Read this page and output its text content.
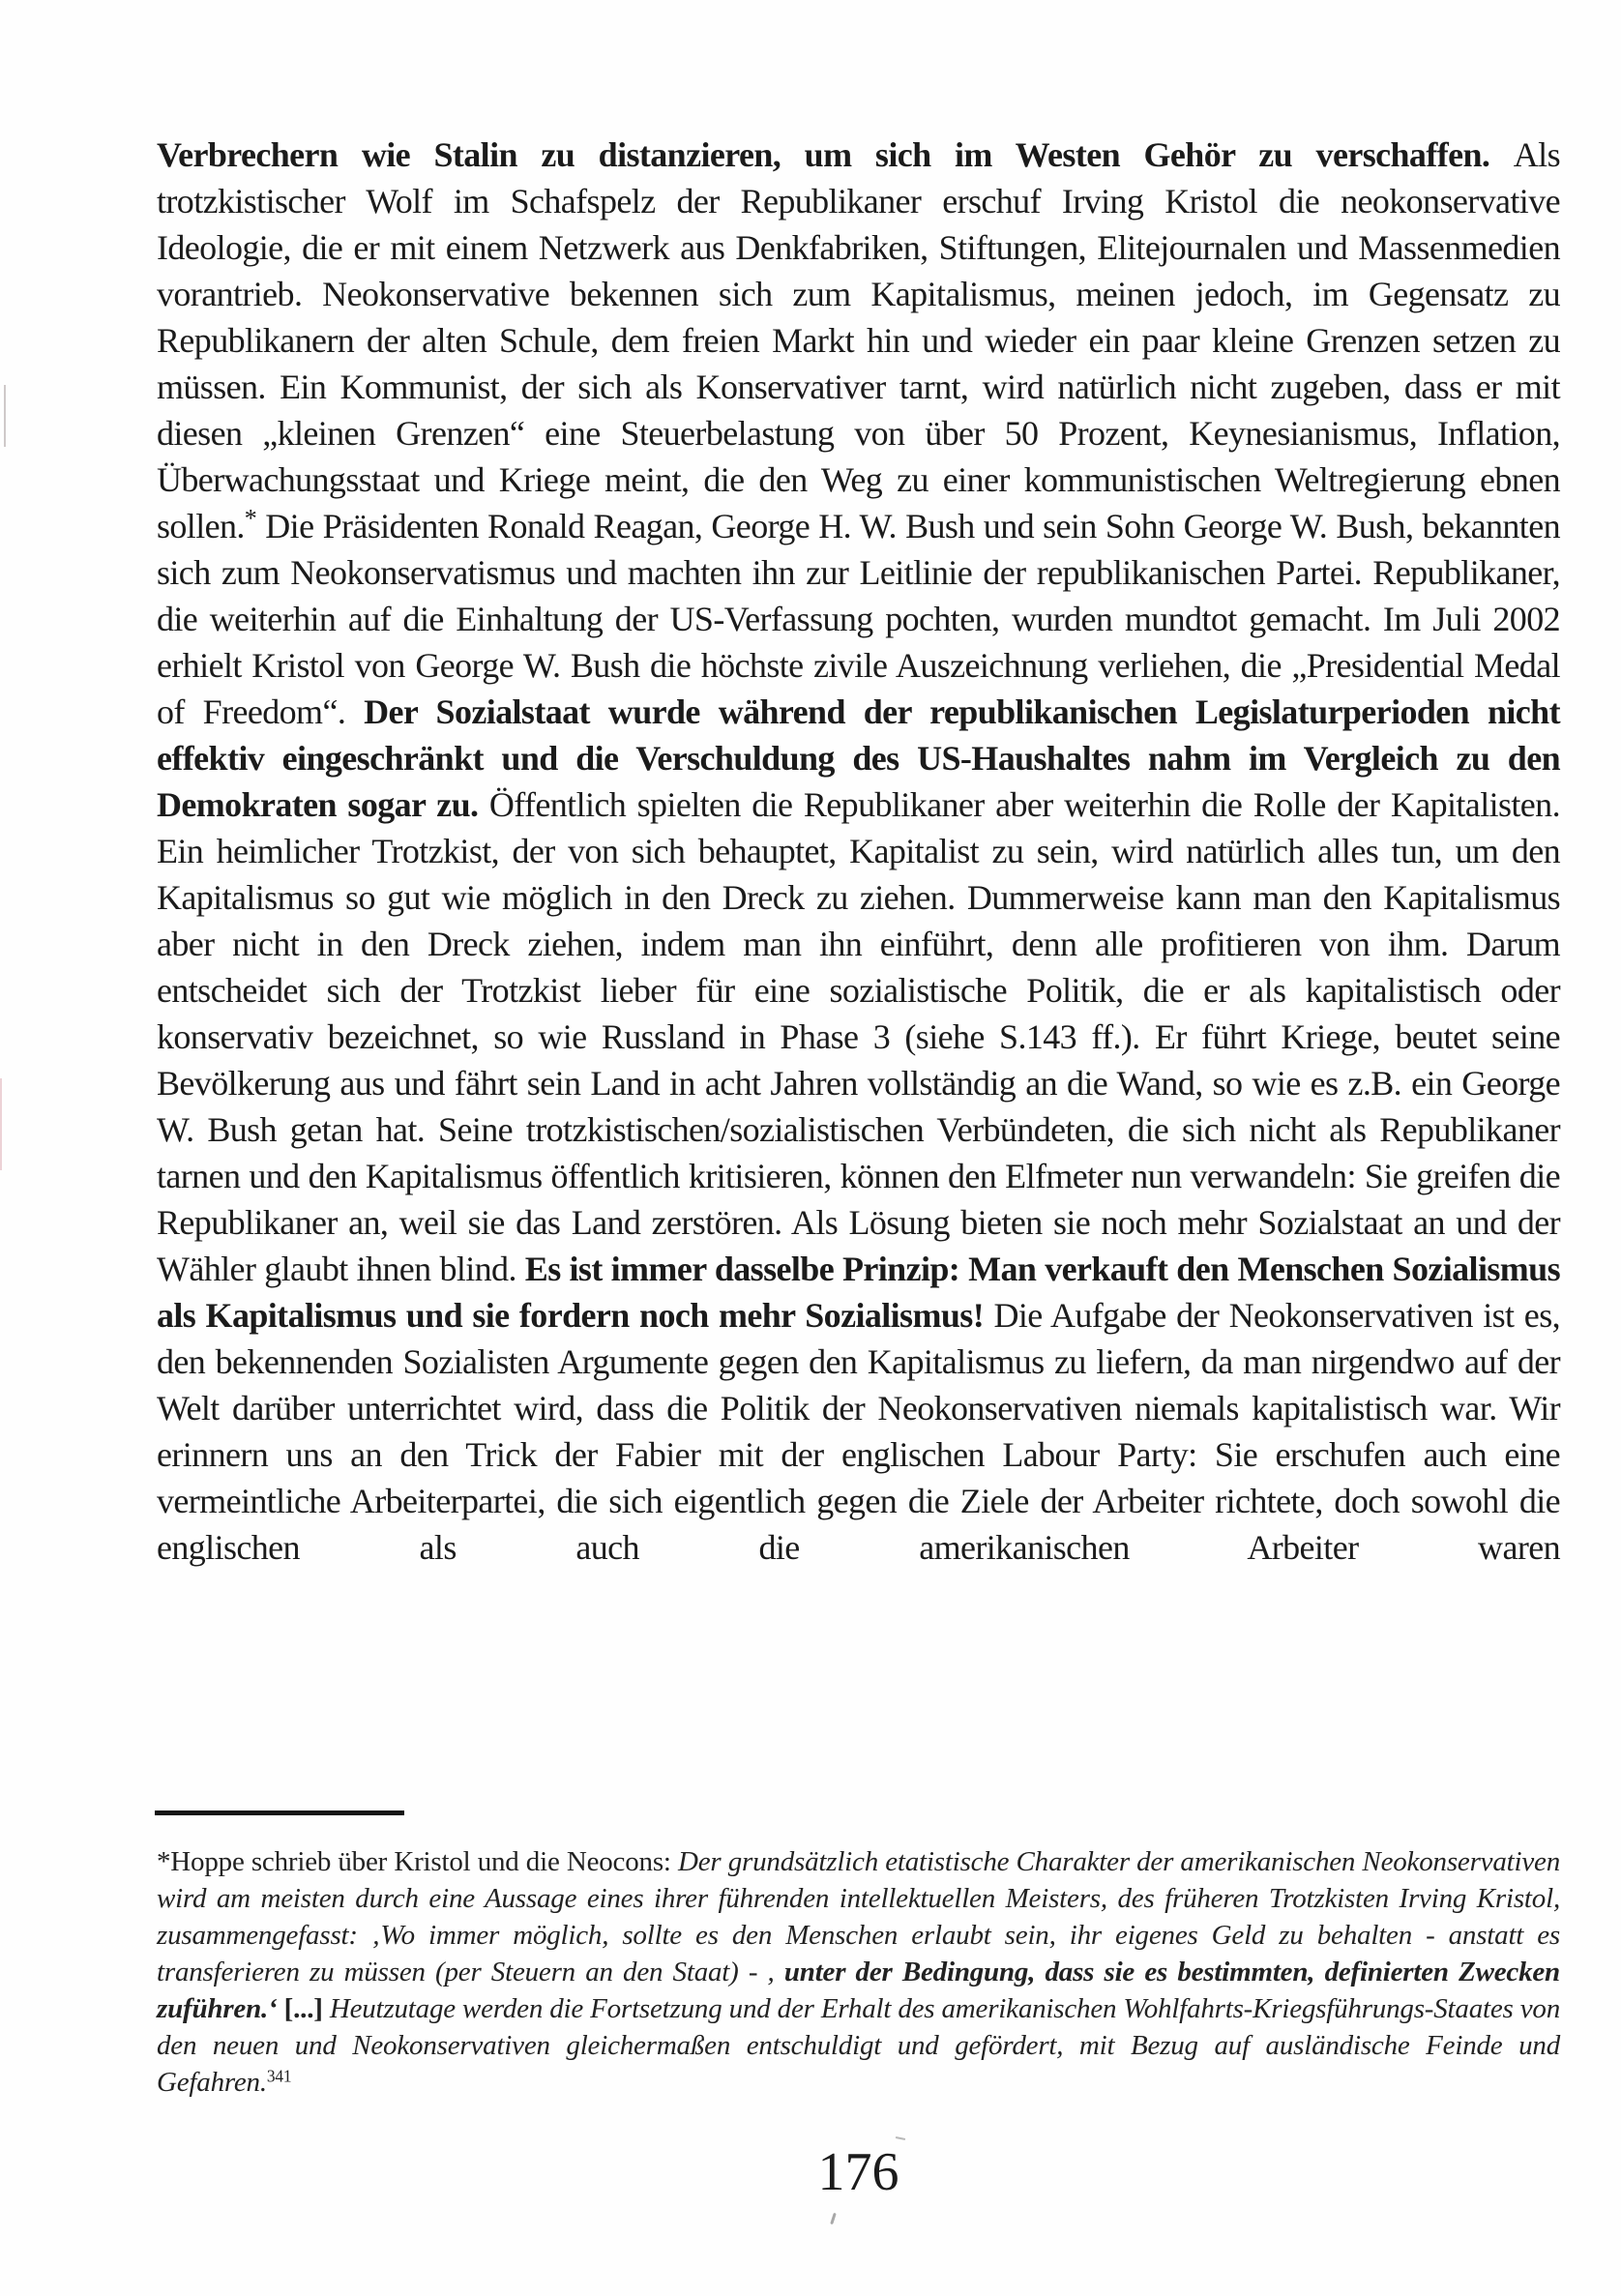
Verbrechern wie Stalin zu distanzieren, um sich im Westen Gehör zu verschaffen. Als trotzkistischer Wolf im Schafspelz der Republikaner erschuf Irving Kristol die neokonservative Ideologie, die er mit einem Netzwerk aus Denkfabriken, Stiftungen, Elitejournalen und Massenmedien vorantrieb. Neokonservative bekennen sich zum Kapitalismus, meinen jedoch, im Gegensatz zu Republikanern der alten Schule, dem freien Markt hin und wieder ein paar kleine Grenzen setzen zu müssen. Ein Kommunist, der sich als Konservativer tarnt, wird natürlich nicht zugeben, dass er mit diesen „kleinen Grenzen“ eine Steuerbelastung von über 50 Prozent, Keynesianismus, Inflation, Überwachungsstaat und Kriege meint, die den Weg zu einer kommunistischen Weltregierung ebnen sollen.* Die Präsidenten Ronald Reagan, George H. W. Bush und sein Sohn George W. Bush, bekannten sich zum Neokonservatismus und machten ihn zur Leitlinie der republikanischen Partei. Republikaner, die weiterhin auf die Einhaltung der US-Verfassung pochten, wurden mundtot gemacht. Im Juli 2002 erhielt Kristol von George W. Bush die höchste zivile Auszeichnung verliehen, die „Presidential Medal of Freedom“. Der Sozialstaat wurde während der republikanischen Legislaturperioden nicht effektiv eingeschränkt und die Verschuldung des US-Haushaltes nahm im Vergleich zu den Demokraten sogar zu. Öffentlich spielten die Republikaner aber weiterhin die Rolle der Kapitalisten. Ein heimlicher Trotzkist, der von sich behauptet, Kapitalist zu sein, wird natürlich alles tun, um den Kapitalismus so gut wie möglich in den Dreck zu ziehen. Dummerweise kann man den Kapitalismus aber nicht in den Dreck ziehen, indem man ihn einführt, denn alle profitieren von ihm. Darum entscheidet sich der Trotzkist lieber für eine sozialistische Politik, die er als kapitalistisch oder konservativ bezeichnet, so wie Russland in Phase 3 (siehe S.143 ff.). Er führt Kriege, beutet seine Bevölkerung aus und fährt sein Land in acht Jahren vollständig an die Wand, so wie es z.B. ein George W. Bush getan hat. Seine trotzkistischen/sozialistischen Verbündeten, die sich nicht als Republikaner tarnen und den Kapitalismus öffentlich kritisieren, können den Elfmeter nun verwandeln: Sie greifen die Republikaner an, weil sie das Land zerstören. Als Lösung bieten sie noch mehr Sozialstaat an und der Wähler glaubt ihnen blind. Es ist immer dasselbe Prinzip: Man verkauft den Menschen Sozialismus als Kapitalismus und sie fordern noch mehr Sozialismus! Die Aufgabe der Neokonservativen ist es, den bekennenden Sozialisten Argumente gegen den Kapitalismus zu liefern, da man nirgendwo auf der Welt darüber unterrichtet wird, dass die Politik der Neokonservativen niemals kapitalistisch war. Wir erinnern uns an den Trick der Fabier mit der englischen Labour Party: Sie erschufen auch eine vermeintliche Arbeiterpartei, die sich eigentlich gegen die Ziele der Arbeiter richtete, doch sowohl die englischen als auch die amerikanischen Arbeiter waren
*Hoppe schrieb über Kristol und die Neocons: Der grundsätzlich etatistische Charakter der amerikanischen Neokonservativen wird am meisten durch eine Aussage eines ihrer führenden intellektuellen Meisters, des früheren Trotzkisten Irving Kristol, zusammengefasst: ‚Wo immer möglich, sollte es den Menschen erlaubt sein, ihr eigenes Geld zu behalten - anstatt es transferieren zu müssen (per Steuern an den Staat) - , unter der Bedingung, dass sie es bestimmten, definierten Zwecken zuführen.‘ [...] Heutzutage werden die Fortsetzung und der Erhalt des amerikanischen Wohlfahrts-Kriegsführungs-Staates von den neuen und Neokonservativen gleichermaßen entschuldigt und gefördert, mit Bezug auf ausländische Feinde und Gefahren.$^{341}$
176
